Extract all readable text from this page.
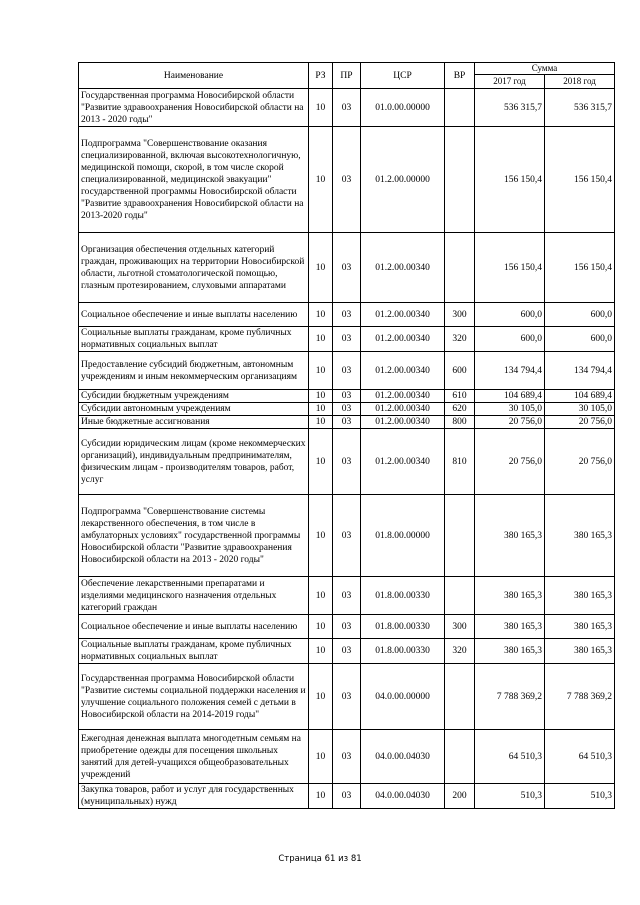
Наименование	РЗ	ПР	ЦСР	ВР	Сумма	
					2017 год	2018 год
Государственная программа Новосибирской области "Развитие здравоохранения Новосибирской области на 2013 - 2020 годы"	10	03	01.0.00.00000		536 315,7	536 315,7
Подпрограмма "Совершенствование оказания специализированной, включая высокотехнологичную, медицинской помощи, скорой, в том числе скорой специализированной, медицинской эвакуации" государственной программы Новосибирской области "Развитие здравоохранения Новосибирской области на 2013-2020 годы"	10	03	01.2.00.00000		156 150,4	156 150,4
Организация обеспечения отдельных категорий граждан, проживающих на территории Новосибирской области, льготной стоматологической помощью, глазным протезированием, слуховыми аппаратами	10	03	01.2.00.00340		156 150,4	156 150,4
Социальное обеспечение и иные выплаты населению	10	03	01.2.00.00340	300	600,0	600,0
Социальные выплаты гражданам, кроме публичных нормативных социальных выплат	10	03	01.2.00.00340	320	600,0	600,0
Предоставление субсидий бюджетным, автономным учреждениям и иным некоммерческим организациям	10	03	01.2.00.00340	600	134 794,4	134 794,4
Субсидии бюджетным учреждениям	10	03	01.2.00.00340	610	104 689,4	104 689,4
Субсидии автономным учреждениям	10	03	01.2.00.00340	620	30 105,0	30 105,0
Иные бюджетные ассигнования	10	03	01.2.00.00340	800	20 756,0	20 756,0
Субсидии юридическим лицам (кроме некоммерческих организаций), индивидуальным предпринимателям, физическим лицам - производителям товаров, работ, услуг	10	03	01.2.00.00340	810	20 756,0	20 756,0
Подпрограмма "Совершенствование системы лекарственного обеспечения, в том числе в амбулаторных условиях" государственной программы Новосибирской области "Развитие здравоохранения Новосибирской области на 2013 - 2020 годы"	10	03	01.8.00.00000		380 165,3	380 165,3
Обеспечение лекарственными препаратами и изделиями медицинского назначения отдельных категорий граждан	10	03	01.8.00.00330		380 165,3	380 165,3
Социальное обеспечение и иные выплаты населению	10	03	01.8.00.00330	300	380 165,3	380 165,3
Социальные выплаты гражданам, кроме публичных нормативных социальных выплат	10	03	01.8.00.00330	320	380 165,3	380 165,3
Государственная программа Новосибирской области "Развитие системы социальной поддержки населения и улучшение социального положения семей с детьми в Новосибирской области на 2014-2019 годы"	10	03	04.0.00.00000		7 788 369,2	7 788 369,2
Ежегодная денежная выплата многодетным семьям на приобретение одежды для посещения школьных занятий для детей-учащихся общеобразовательных учреждений	10	03	04.0.00.04030		64 510,3	64 510,3
Закупка товаров, работ и услуг для государственных (муниципальных) нужд	10	03	04.0.00.04030	200	510,3	510,3
Страница 61 из 81
